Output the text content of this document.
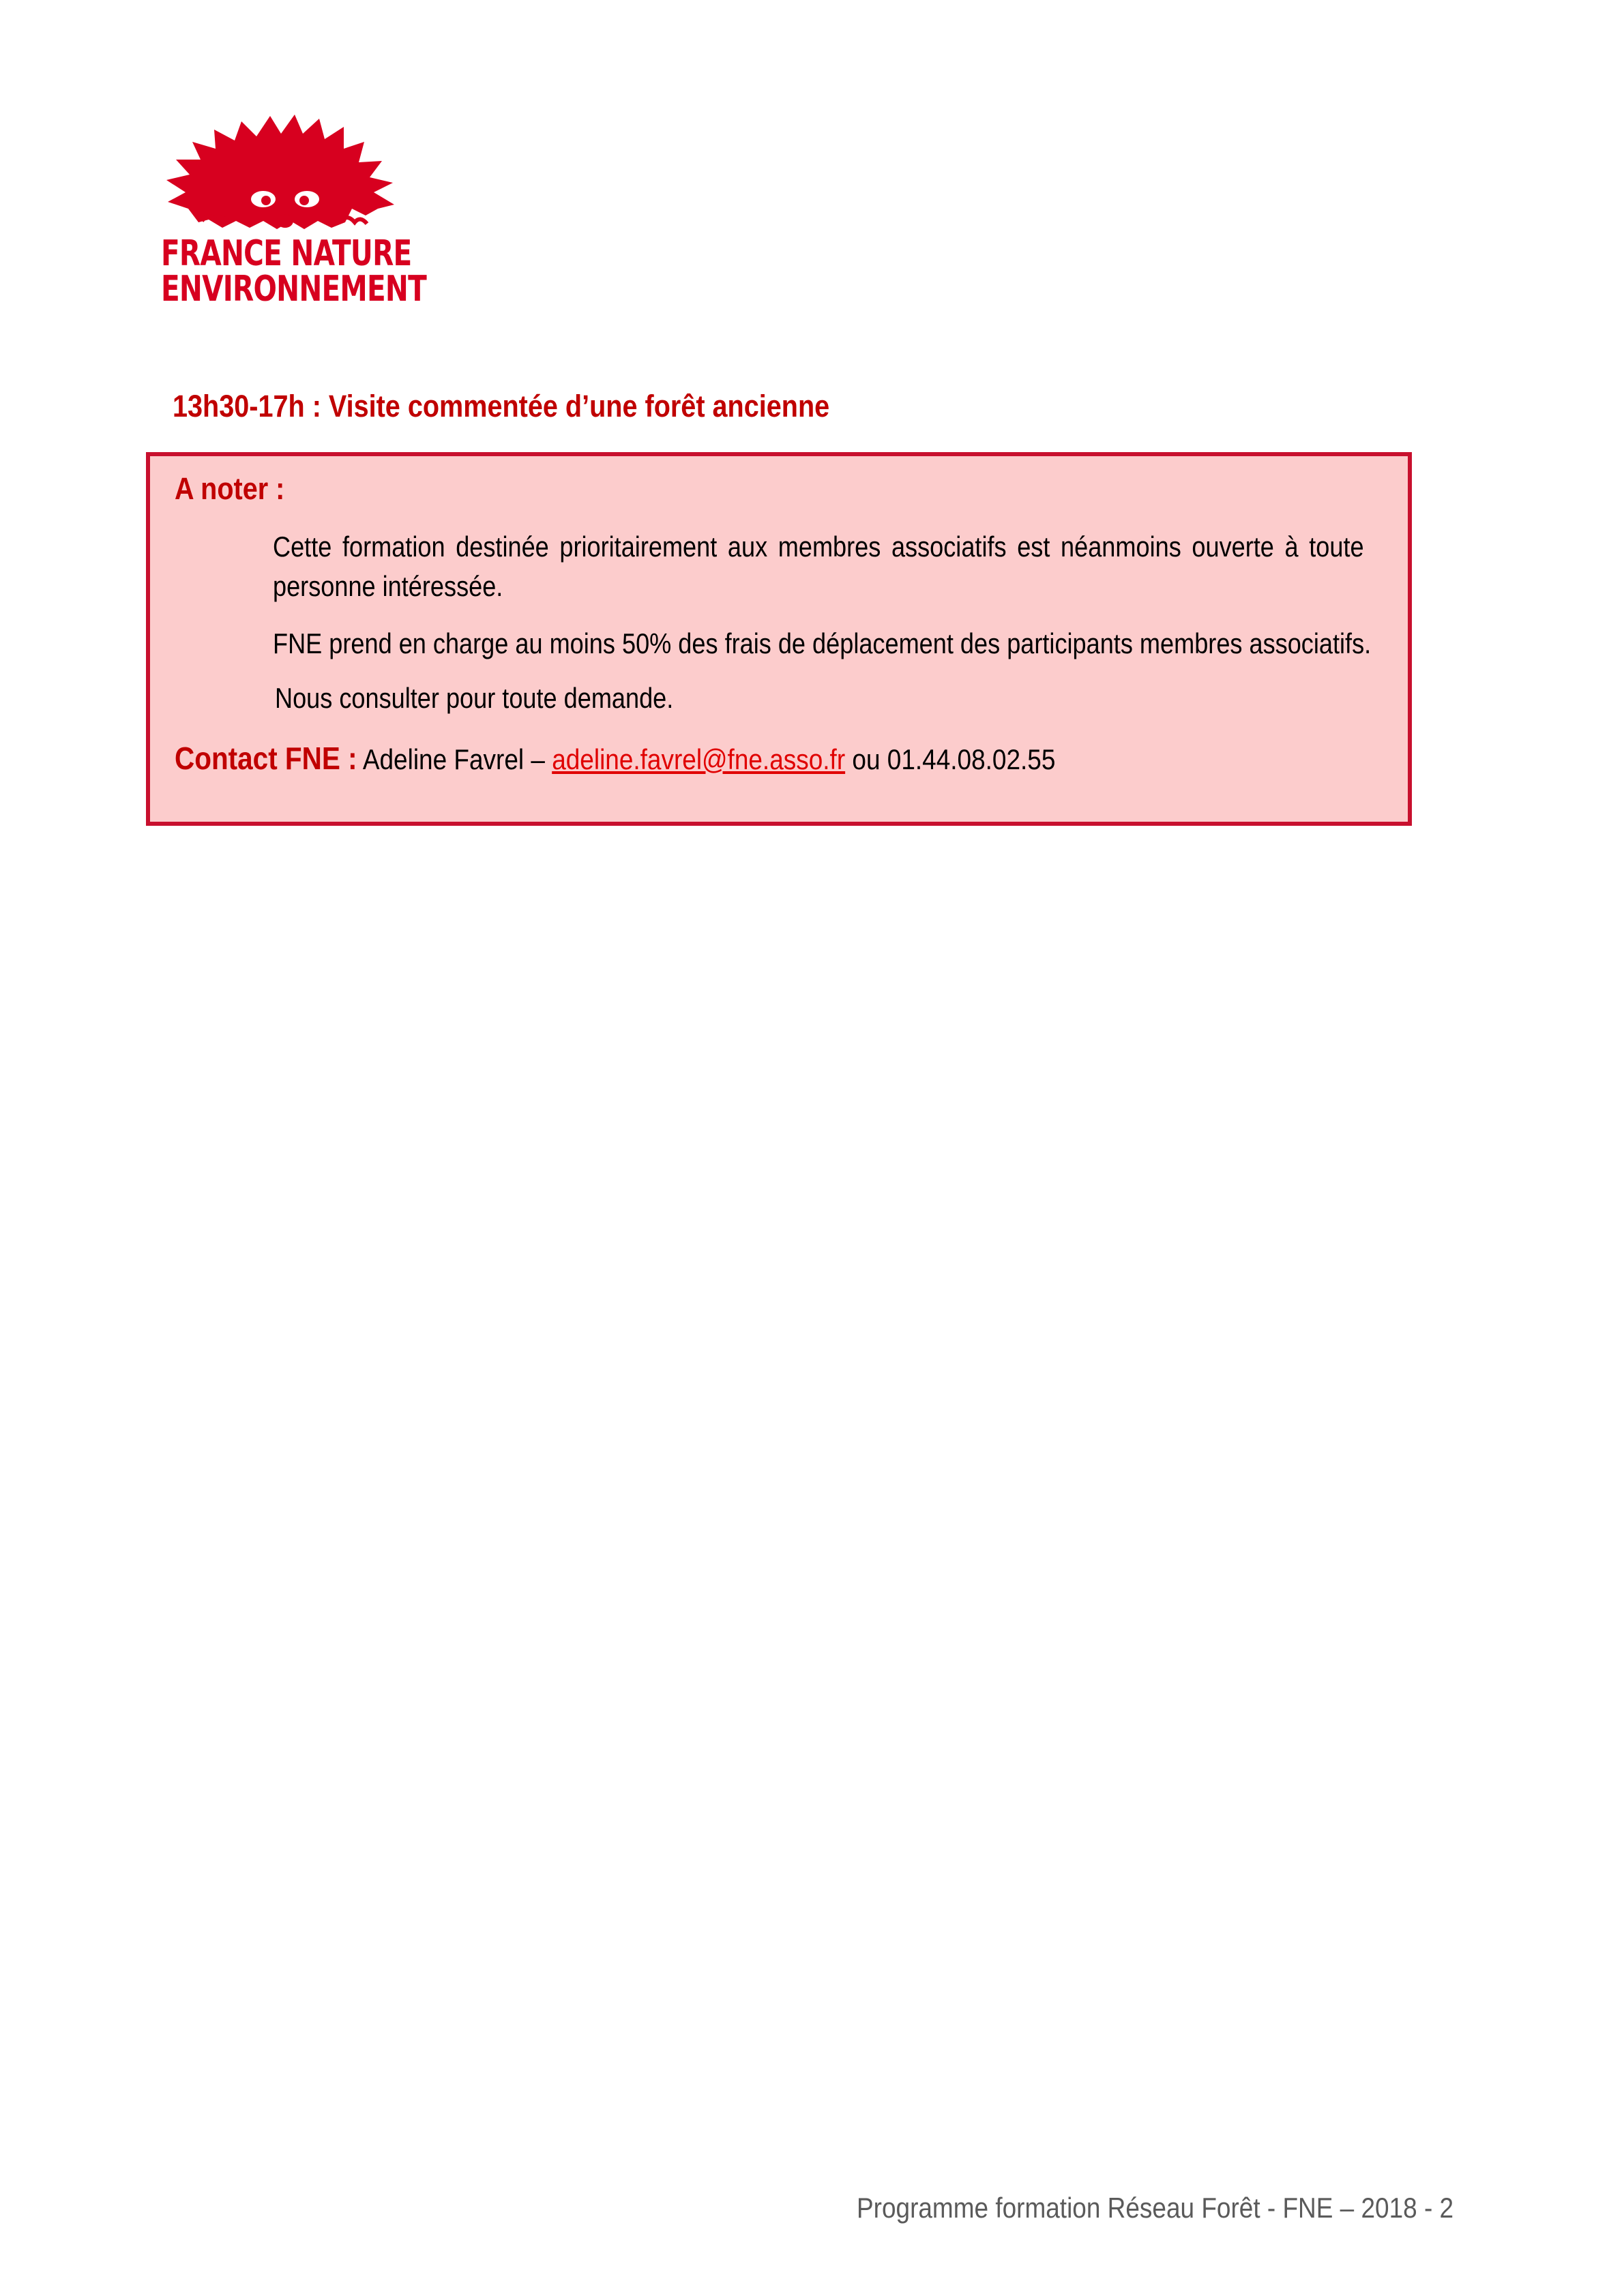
FRANCE NATURE
ENVIRONNEMENT
13h30-17h : Visite commentée d’une forêt ancienne
A noter :
Cette formation destinée prioritairement aux membres associatifs est néanmoins ouverte à toute
personne intéressée.
FNE prend en charge au moins 50% des frais de déplacement des participants membres associatifs.
Nous consulter pour toute demande.
Contact FNE : Adeline Favrel – adeline.favrel@fne.asso.fr ou 01.44.08.02.55
Programme formation Réseau Forêt - FNE – 2018 - 2
